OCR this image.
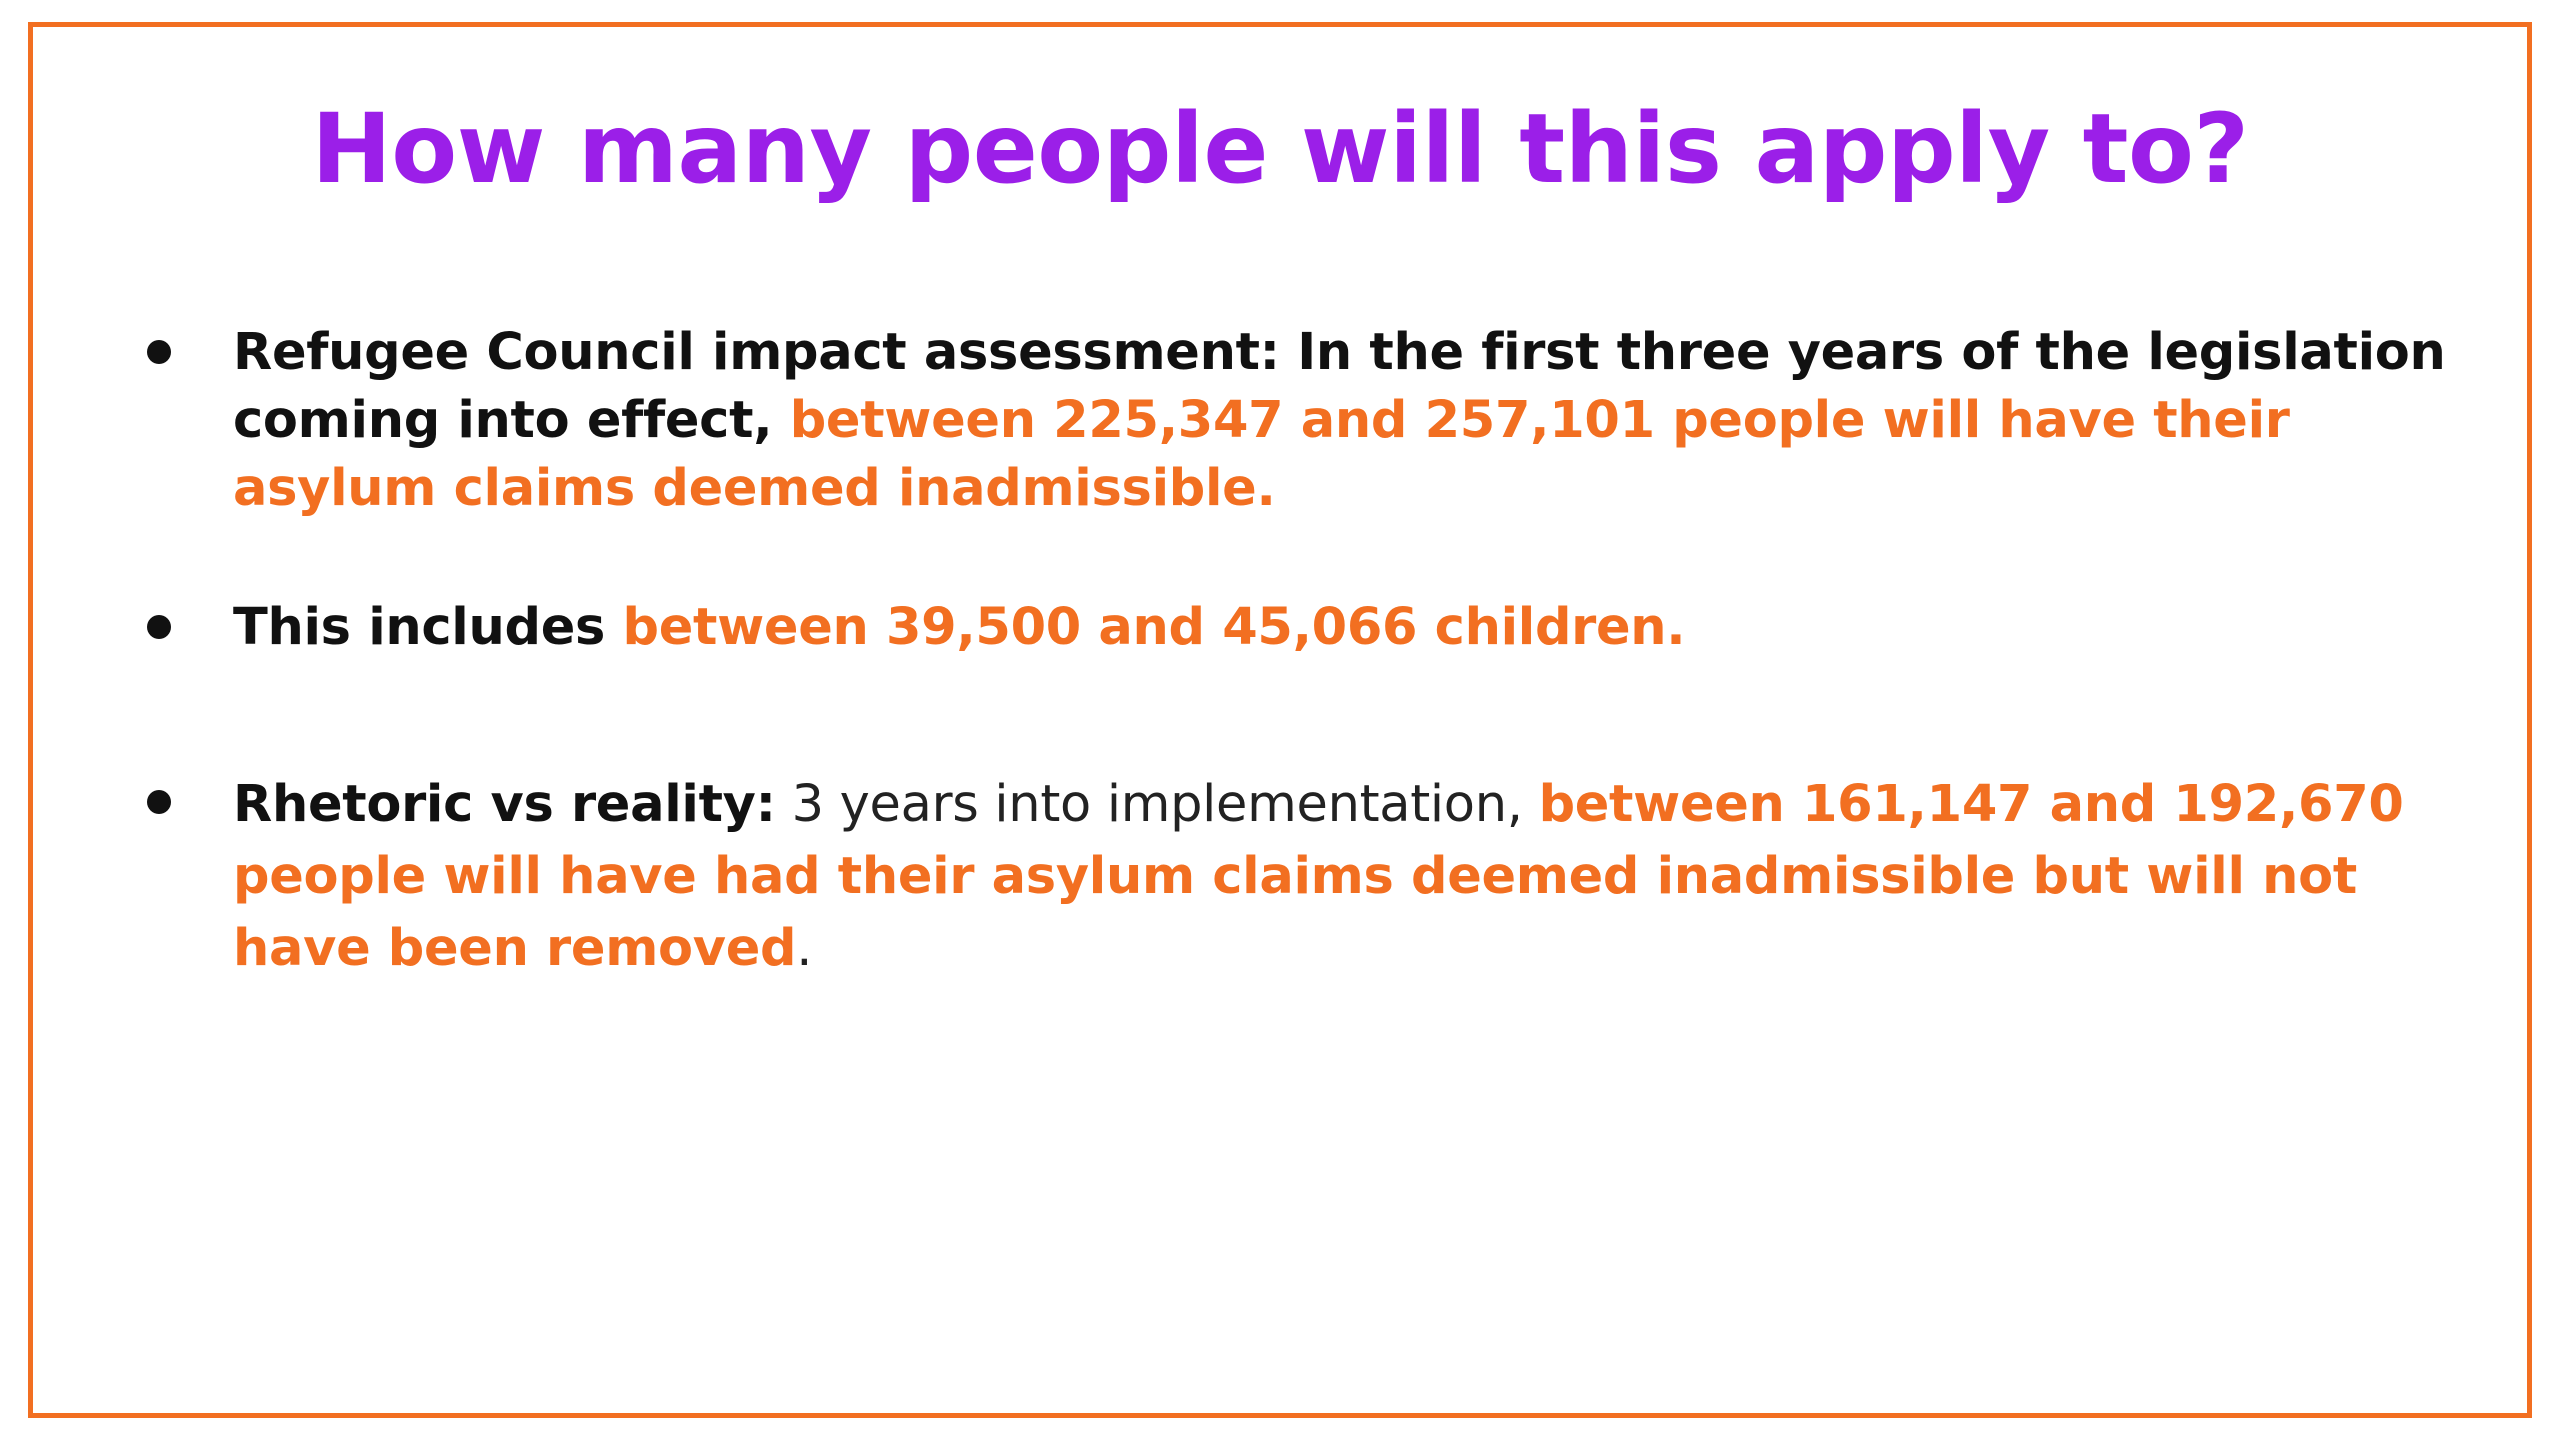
How many people will this apply to?
Refugee Council impact assessment: In the first three years of the legislation coming into effect, between 225,347 and 257,101 people will have their asylum claims deemed inadmissible.
This includes between 39,500 and 45,066 children.
Rhetoric vs reality: 3 years into implementation, between 161,147 and 192,670 people will have had their asylum claims deemed inadmissible but will not have been removed.
